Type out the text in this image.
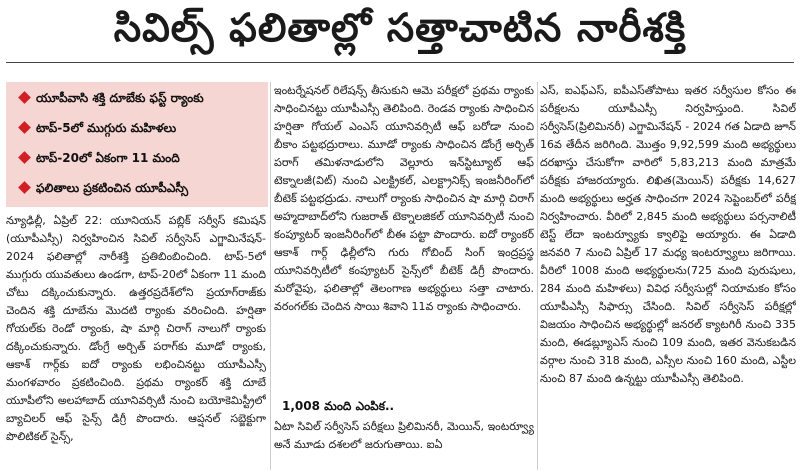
సివిల్స్ ఫలితాల్లో సత్తాచాటిన నారీశక్తి
యూపీవాసి శక్తి దూబేకు ఫస్ట్ ర్యాంకు
టాప్-5లో ముగ్గురు మహిళలు
టాప్-20లో ఏకంగా 11 మంది
ఫలితాలు ప్రకటించిన యూపీఎస్సీ
న్యూఢిల్లీ, ఏప్రిల్ 22: యూనియన్ పబ్లిక్ సర్వీస్ కమిషన్ (యూపీఎస్సీ) నిర్వహించిన సివిల్ సర్వీసెస్ ఎగ్జామినేషన్- 2024 ఫలితాల్లో నారీశక్తి ప్రతిబింబించింది. టాప్-5లో ముగ్గురు యువతులు ఉండగా, టాప్-20లో ఏకంగా 11 మంది చోటు దక్కించుకున్నారు. ఉత్తరప్రదేశ్‌లోని ప్రయాగ్‌రాజ్‌కు చెందిన శక్తి దూబేను మొదటి ర్యాంకు వరించింది. హర్షితా గోయల్‌కు రెండో ర్యాంకు, షా మార్గి చిరాగ్ నాలుగో ర్యాంకు దక్కించుకున్నారు. డోంగ్రే అర్చిత్ పరాగ్‌కు మూడో ర్యాంకు, ఆకాశ్ గార్గ్‌కు ఐదో ర్యాంకు లభించినట్టు యూపీఎస్సీ మంగళవారం ప్రకటించింది. ప్రథమ ర్యాంకర్ శక్తి దూబే యూపీలోని అలహాబాద్ యూనివర్సిటీ నుంచి బయోకెమిస్ట్రీలో బ్యాచిలర్ ఆఫ్ సైన్స్ డిగ్రీ పొందారు. ఆప్షనల్ సబ్జెక్టుగా పొలిటికల్ సైన్స్,
ఇంటర్నేషనల్ రిలేషన్స్ తీసుకుని ఆమె పరీక్షలో ప్రథమ ర్యాంకు సాధించినట్టు యూపీఎస్సీ తెలిపింది. రెండవ ర్యాంకు సాధించిన హర్షితా గోయల్ ఎంఎస్ యూనివర్సిటీ ఆఫ్ బరోడా నుంచి బీకాం పట్టభద్రురాలు. మూడో ర్యాంకు సాధించిన డోంగ్రే అర్చిత్ పరాగ్ తమిళనాడులోని వెల్లూరు ఇన్‌స్టిట్యూట్ ఆఫ్ టెక్నాలజీ(విట్) నుంచి ఎలక్ట్రికల్, ఎలక్ట్రానిక్స్ ఇంజనీరింగ్‌లో బీటెక్ పట్టభద్రుడు. నాలుగో ర్యాంకు సాధించిన షా మార్గి చిరాగ్ అహ్మదాబాద్‌లోని గుజరాత్ టెక్నాలజికల్ యూనివర్సిటీ నుంచి కంప్యూటర్ ఇంజనీరింగ్‌లో బీఈ పట్టా పొందారు. ఐదో ర్యాంకర్ ఆకాశ్ గార్గ్ ఢిల్లీలోని గురు గోబింద్ సింగ్ ఇంద్రప్రస్థ యూనివర్సిటీలో కంప్యూటర్ సైన్స్‌లో బీటెక్ డిగ్రీ పొందారు. మరోవైపు, ఫలితాల్లో తెలంగాణ అభ్యర్థులు సత్తా చాటారు. వరంగల్‌కు చెందిన సాయి శివాని 11వ ర్యాంకు సాధించారు.
1,008 మంది ఎంపిక..
ఏటా సివిల్ సర్వీసెస్ పరీక్షలు ప్రిలిమినరీ, మెయిన్, ఇంటర్వ్యూ అనే మూడు దశలలో జరుగుతాయి. ఐఏ
ఎస్, ఐఎఫ్ఎస్, ఐపీఎస్‌తోపాటు ఇతర సర్వీసుల కోసం ఈ పరీక్షలను యూపీఎస్సీ నిర్వహిస్తుంది. సివిల్ సర్వీసెస్(ప్రిలిమినరీ) ఎగ్జామినేషన్ - 2024 గత ఏడాది జూన్ 16వ తేదీన జరిగింది. మొత్తం 9,92,599 మంది అభ్యర్థులు దరఖాస్తు చేసుకోగా వారిలో 5,83,213 మంది మాత్రమే పరీక్షకు హాజరయ్యారు. లిఖిత(మెయిన్) పరీక్షకు 14,627 మంది అభ్యర్థులు అర్హత సాధించగా 2024 సెప్టెంబర్‌లో పరీక్ష నిర్వహించారు. వీరిలో 2,845 మంది అభ్యర్థులు పర్సనాలిటీ టెస్ట్ లేదా ఇంటర్వ్యూకు క్వాలిఫై అయ్యారు. ఈ ఏడాది జనవరి 7 నుంచి ఏప్రిల్ 17 మధ్య ఇంటర్వ్యూలు జరిగాయి. వీరిలో 1008 మంది అభ్యర్థులను(725 మంది పురుషులు, 284 మంది మహిళలు) వివిధ సర్వీసుల్లో నియామకం కోసం యూపీఎస్సీ సిఫార్సు చేసింది. సివిల్ సర్వీసెస్ పరీక్షల్లో విజయం సాధించిన అభ్యర్థుల్లో జనరల్ క్యాటగిరీ నుంచి 335 మంది, ఈడబ్ల్యూఎస్ నుంచి 109 మంది, ఇతర వెనుకబడిన వర్గాల నుంచి 318 మంది, ఎస్సీల నుంచి 160 మంది, ఎస్టీల నుంచి 87 మంది ఉన్నట్టు యూపీఎస్సీ తెలిపింది.
